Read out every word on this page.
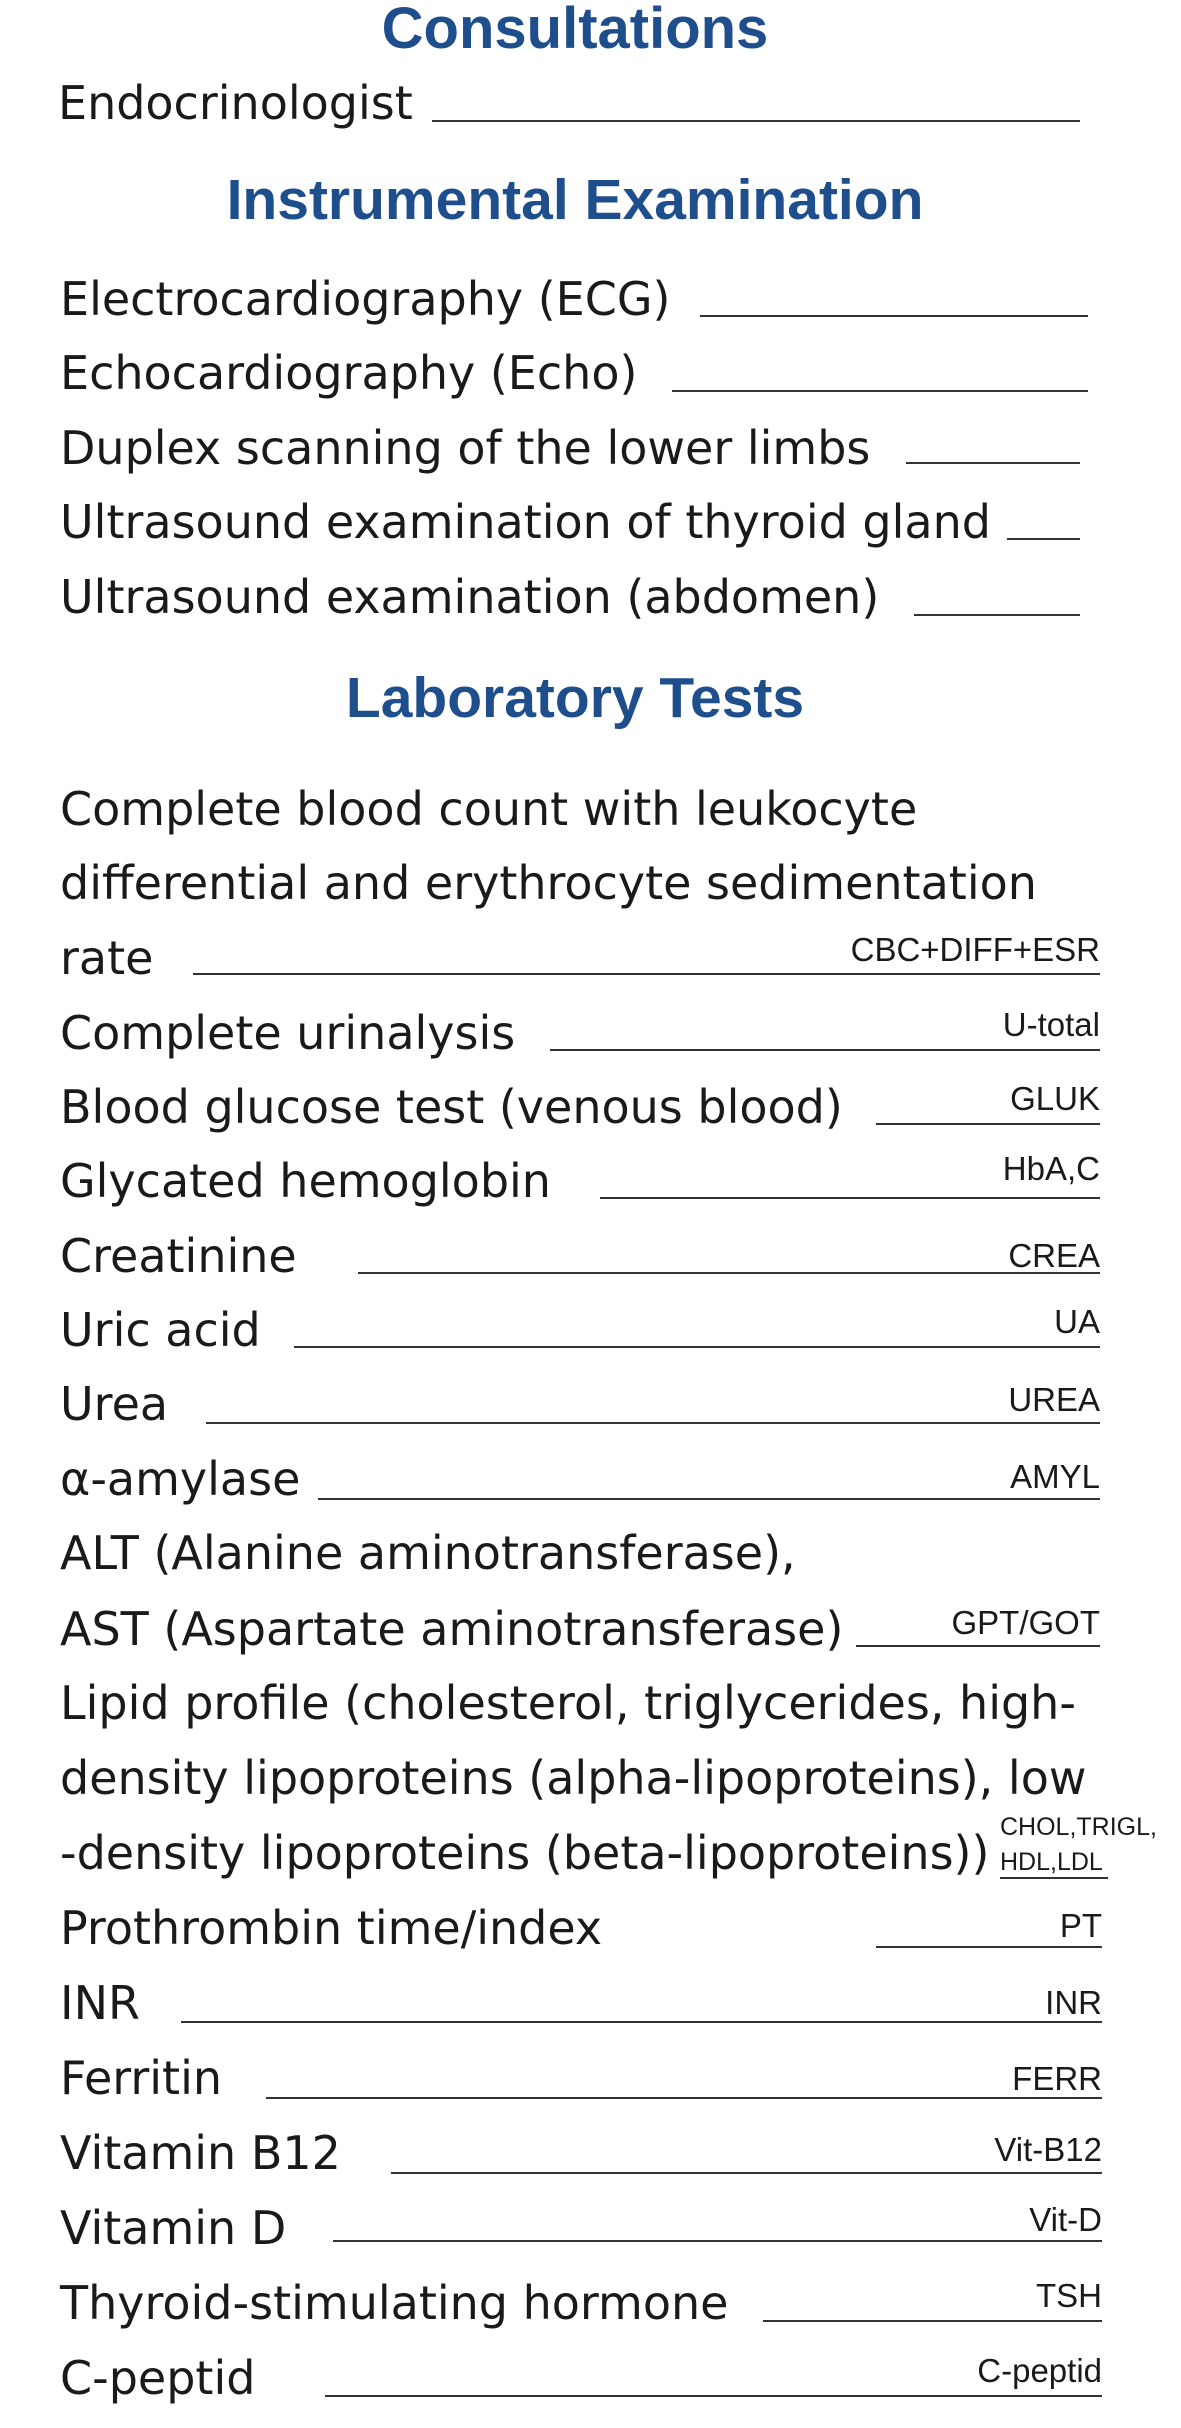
Consultations
Endocrinologist
Instrumental Examination
Electrocardiography (ECG)
Echocardiography (Echo)
Duplex scanning of the lower limbs
Ultrasound examination of thyroid gland
Ultrasound examination (abdomen)
Laboratory Tests
Complete blood count with leukocyte
differential and erythrocyte sedimentation
rate	CBC+DIFF+ESR
Complete urinalysis	U-total
Blood glucose test (venous blood)	GLUK
Glycated hemoglobin	HbA,C
Creatinine	CREA
Uric acid	UA
Urea	UREA
α-amylase	AMYL
ALT (Alanine aminotransferase),
AST (Aspartate aminotransferase)	GPT/GOT
Lipid profile (cholesterol, triglycerides, high-
density lipoproteins (alpha-lipoproteins), low
-density lipoproteins (beta-lipoproteins)) CHOL,TRIGL,
HDL,LDL
Prothrombin time/index	PT
INR	INR
Ferritin	FERR
Vitamin B12	Vit-B12
Vitamin D	Vit-D
Thyroid-stimulating hormone	TSH
C-peptid	C-peptid
